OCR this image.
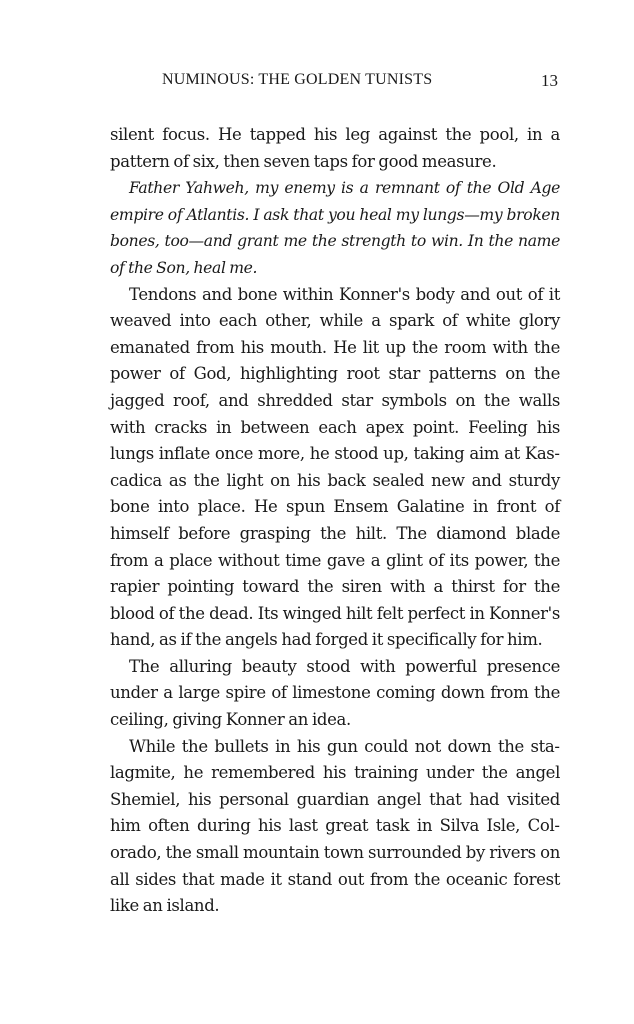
NUMINOUS: THE GOLDEN TUNISTS	13

silent focus. He tapped his leg against the pool, in a pattern of six, then seven taps for good measure.

Father Yahweh, my enemy is a remnant of the Old Age empire of Atlantis. I ask that you heal my lungs—my broken bones, too—and grant me the strength to win. In the name of the Son, heal me.

Tendons and bone within Konner's body and out of it weaved into each other, while a spark of white glory emanated from his mouth. He lit up the room with the power of God, highlighting root star patterns on the jagged roof, and shredded star symbols on the walls with cracks in between each apex point. Feeling his lungs inflate once more, he stood up, taking aim at Kascadica as the light on his back sealed new and sturdy bone into place. He spun Ensem Galatine in front of himself before grasping the hilt. The diamond blade from a place without time gave a glint of its power, the rapier pointing toward the siren with a thirst for the blood of the dead. Its winged hilt felt perfect in Konner's hand, as if the angels had forged it specifically for him.

The alluring beauty stood with powerful presence under a large spire of limestone coming down from the ceiling, giving Konner an idea.

While the bullets in his gun could not down the stalagmite, he remembered his training under the angel Shemiel, his personal guardian angel that had visited him often during his last great task in Silva Isle, Colorado, the small mountain town surrounded by rivers on all sides that made it stand out from the oceanic forest like an island.
